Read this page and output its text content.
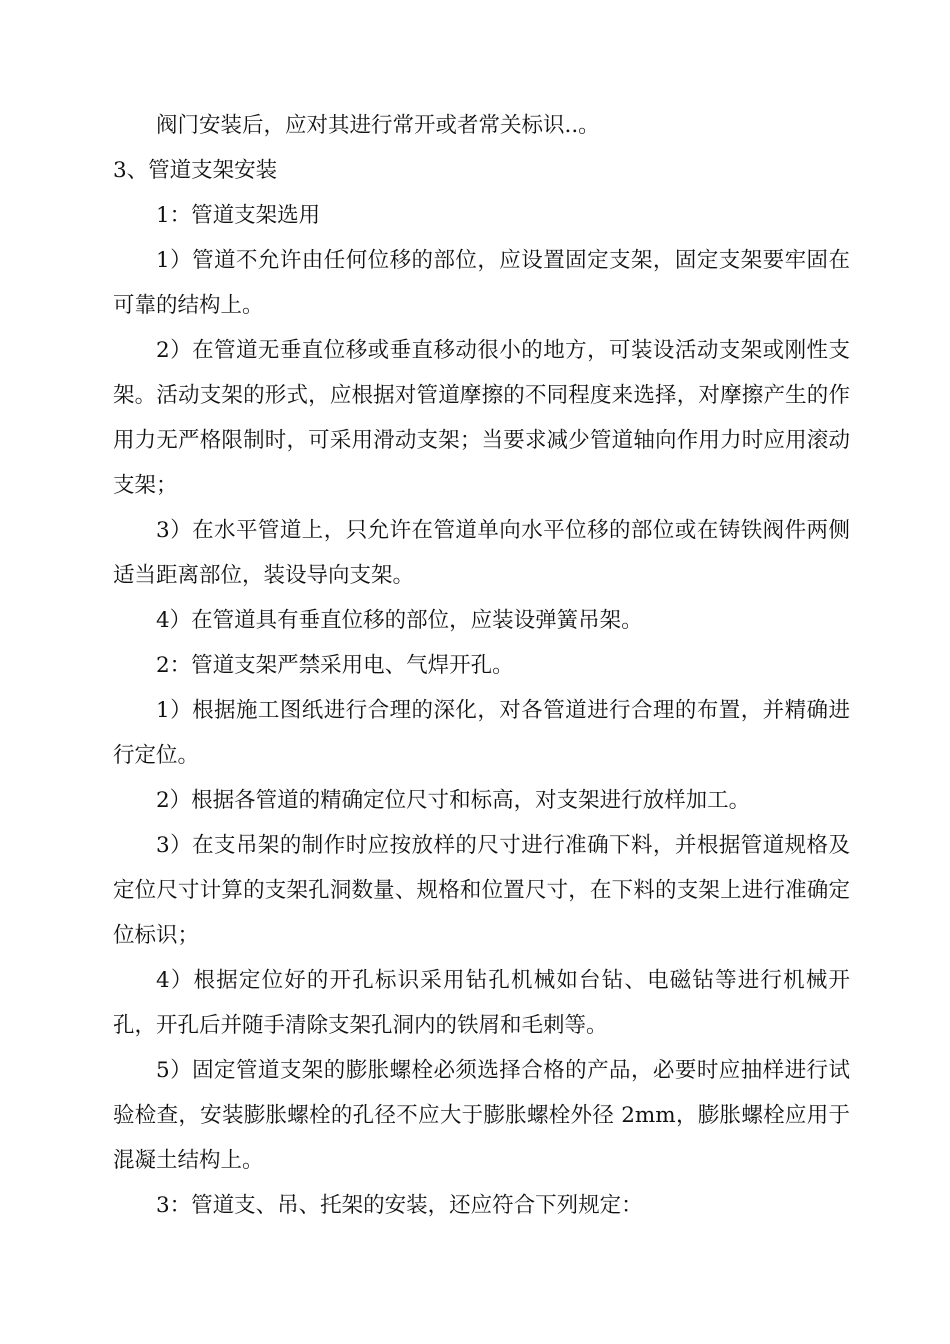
阀门安装后，应对其进行常开或者常关标识..。

3、管道支架安装

1：管道支架选用

1）管道不允许由任何位移的部位，应设置固定支架，固定支架要牢固在可靠的结构上。

2）在管道无垂直位移或垂直移动很小的地方，可装设活动支架或刚性支架。活动支架的形式，应根据对管道摩擦的不同程度来选择，对摩擦产生的作用力无严格限制时，可采用滑动支架；当要求减少管道轴向作用力时应用滚动支架；

3）在水平管道上，只允许在管道单向水平位移的部位或在铸铁阀件两侧适当距离部位，装设导向支架。

4）在管道具有垂直位移的部位，应装设弹簧吊架。

2：管道支架严禁采用电、气焊开孔。

1）根据施工图纸进行合理的深化，对各管道进行合理的布置，并精确进行定位。

2）根据各管道的精确定位尺寸和标高，对支架进行放样加工。

3）在支吊架的制作时应按放样的尺寸进行准确下料，并根据管道规格及定位尺寸计算的支架孔洞数量、规格和位置尺寸，在下料的支架上进行准确定位标识；

4）根据定位好的开孔标识采用钻孔机械如台钻、电磁钻等进行机械开孔，开孔后并随手清除支架孔洞内的铁屑和毛刺等。

5）固定管道支架的膨胀螺栓必须选择合格的产品，必要时应抽样进行试验检查，安装膨胀螺栓的孔径不应大于膨胀螺栓外径 2mm，膨胀螺栓应用于混凝土结构上。

3：管道支、吊、托架的安装，还应符合下列规定：
